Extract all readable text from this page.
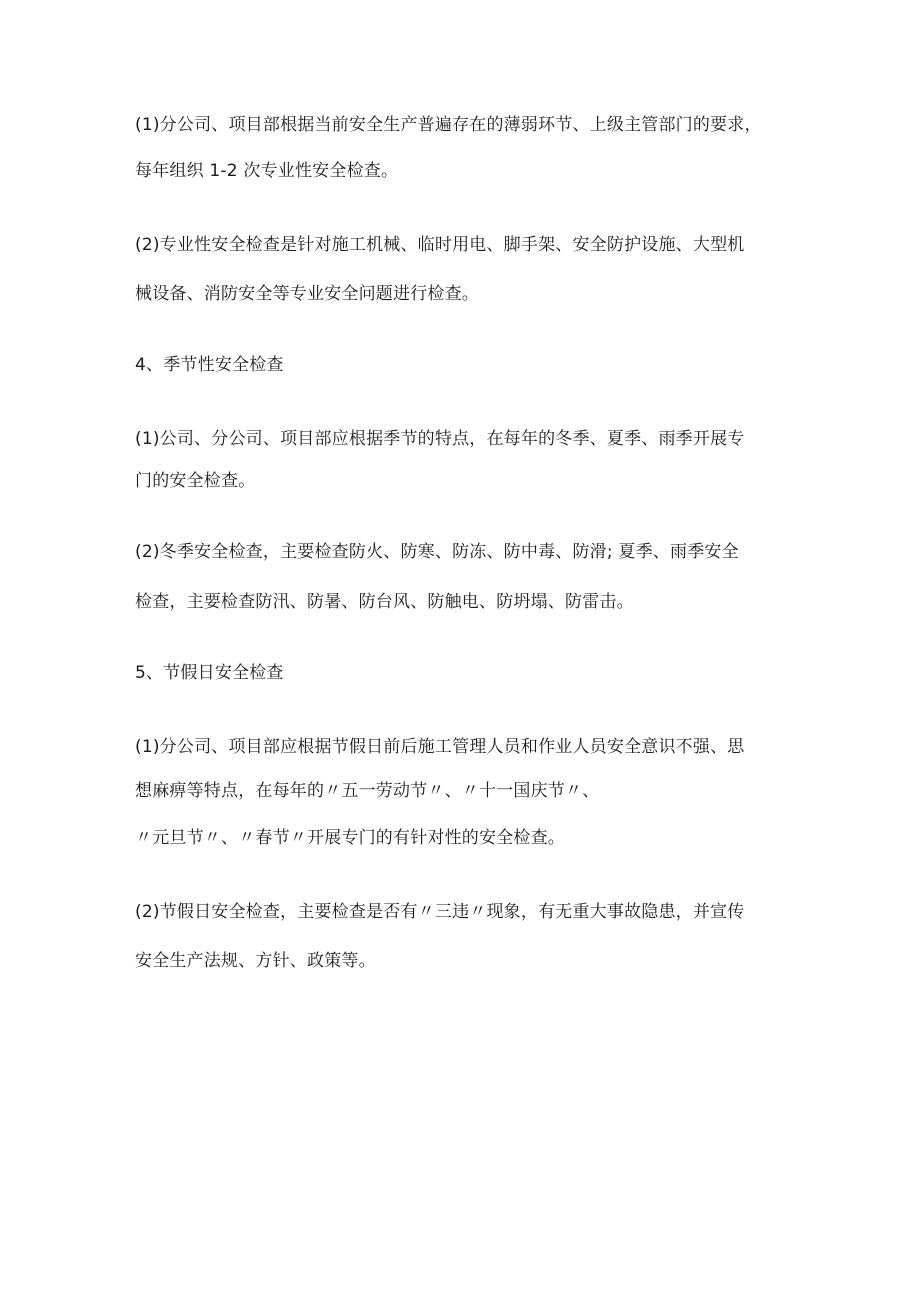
(1)分公司、项目部根据当前安全生产普遍存在的薄弱环节、上级主管部门的要求，
每年组织 1-2 次专业性安全检查。
(2)专业性安全检查是针对施工机械、临时用电、脚手架、安全防护设施、大型机
械设备、消防安全等专业安全问题进行检查。
4、季节性安全检查
(1)公司、分公司、项目部应根据季节的特点，在每年的冬季、夏季、雨季开展专
门的安全检查。
(2)冬季安全检查，主要检查防火、防寒、防冻、防中毒、防滑; 夏季、雨季安全
检查，主要检查防汛、防暑、防台风、防触电、防坍塌、防雷击。
5、节假日安全检查
(1)分公司、项目部应根据节假日前后施工管理人员和作业人员安全意识不强、思
想麻痹等特点，在每年的〃五一劳动节〃、〃十一国庆节〃、
〃元旦节〃、〃春节〃开展专门的有针对性的安全检查。
(2)节假日安全检查，主要检查是否有〃三违〃现象，有无重大事故隐患，并宣传
安全生产法规、方针、政策等。
